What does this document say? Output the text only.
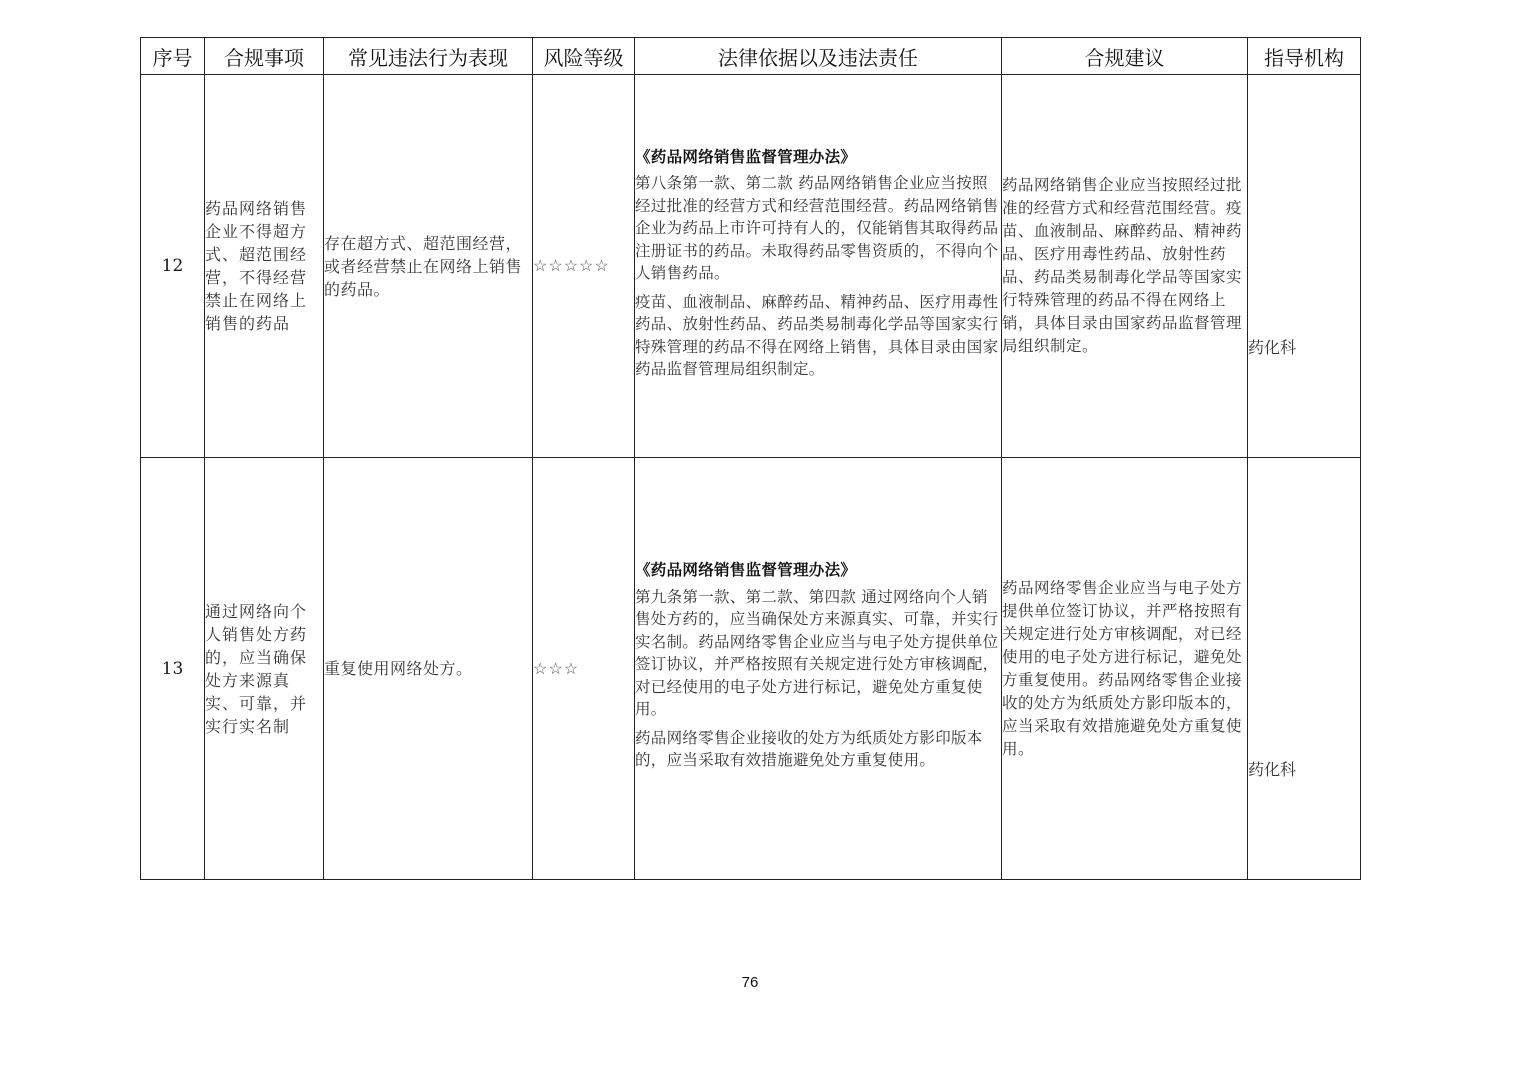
序号	合规事项	常见违法行为表现	风险等级	法律依据以及违法责任	合规建议	指导机构
12	药品网络销售企业不得超方式、超范围经营，不得经营禁止在网络上销售的药品	存在超方式、超范围经营，或者经营禁止在网络上销售的药品。	☆☆☆☆☆	《药品网络销售监督管理办法》
第八条第一款、第二款 药品网络销售企业应当按照经过批准的经营方式和经营范围经营。药品网络销售企业为药品上市许可持有人的，仅能销售其取得药品注册证书的药品。未取得药品零售资质的，不得向个人销售药品。
疫苗、血液制品、麻醉药品、精神药品、医疗用毒性药品、放射性药品、药品类易制毒化学品等国家实行特殊管理的药品不得在网络上销售，具体目录由国家药品监督管理局组织制定。	药品网络销售企业应当按照经过批准的经营方式和经营范围经营。疫苗、血液制品、麻醉药品、精神药品、医疗用毒性药品、放射性药品、药品类易制毒化学品等国家实行特殊管理的药品不得在网络上销，具体目录由国家药品监督管理局组织制定。	药化科

13	通过网络向个人销售处方药的，应当确保处方来源真实、可靠，并实行实名制	重复使用网络处方。	☆☆☆	《药品网络销售监督管理办法》
第九条第一款、第二款、第四款 通过网络向个人销售处方药的，应当确保处方来源真实、可靠，并实行实名制。药品网络零售企业应当与电子处方提供单位签订协议，并严格按照有关规定进行处方审核调配，对已经使用的电子处方进行标记，避免处方重复使用。
药品网络零售企业接收的处方为纸质处方影印版本的，应当采取有效措施避免处方重复使用。	药品网络零售企业应当与电子处方提供单位签订协议，并严格按照有关规定进行处方审核调配，对已经使用的电子处方进行标记，避免处方重复使用。药品网络零售企业接收的处方为纸质处方影印版本的，应当采取有效措施避免处方重复使用。	药化科
76
